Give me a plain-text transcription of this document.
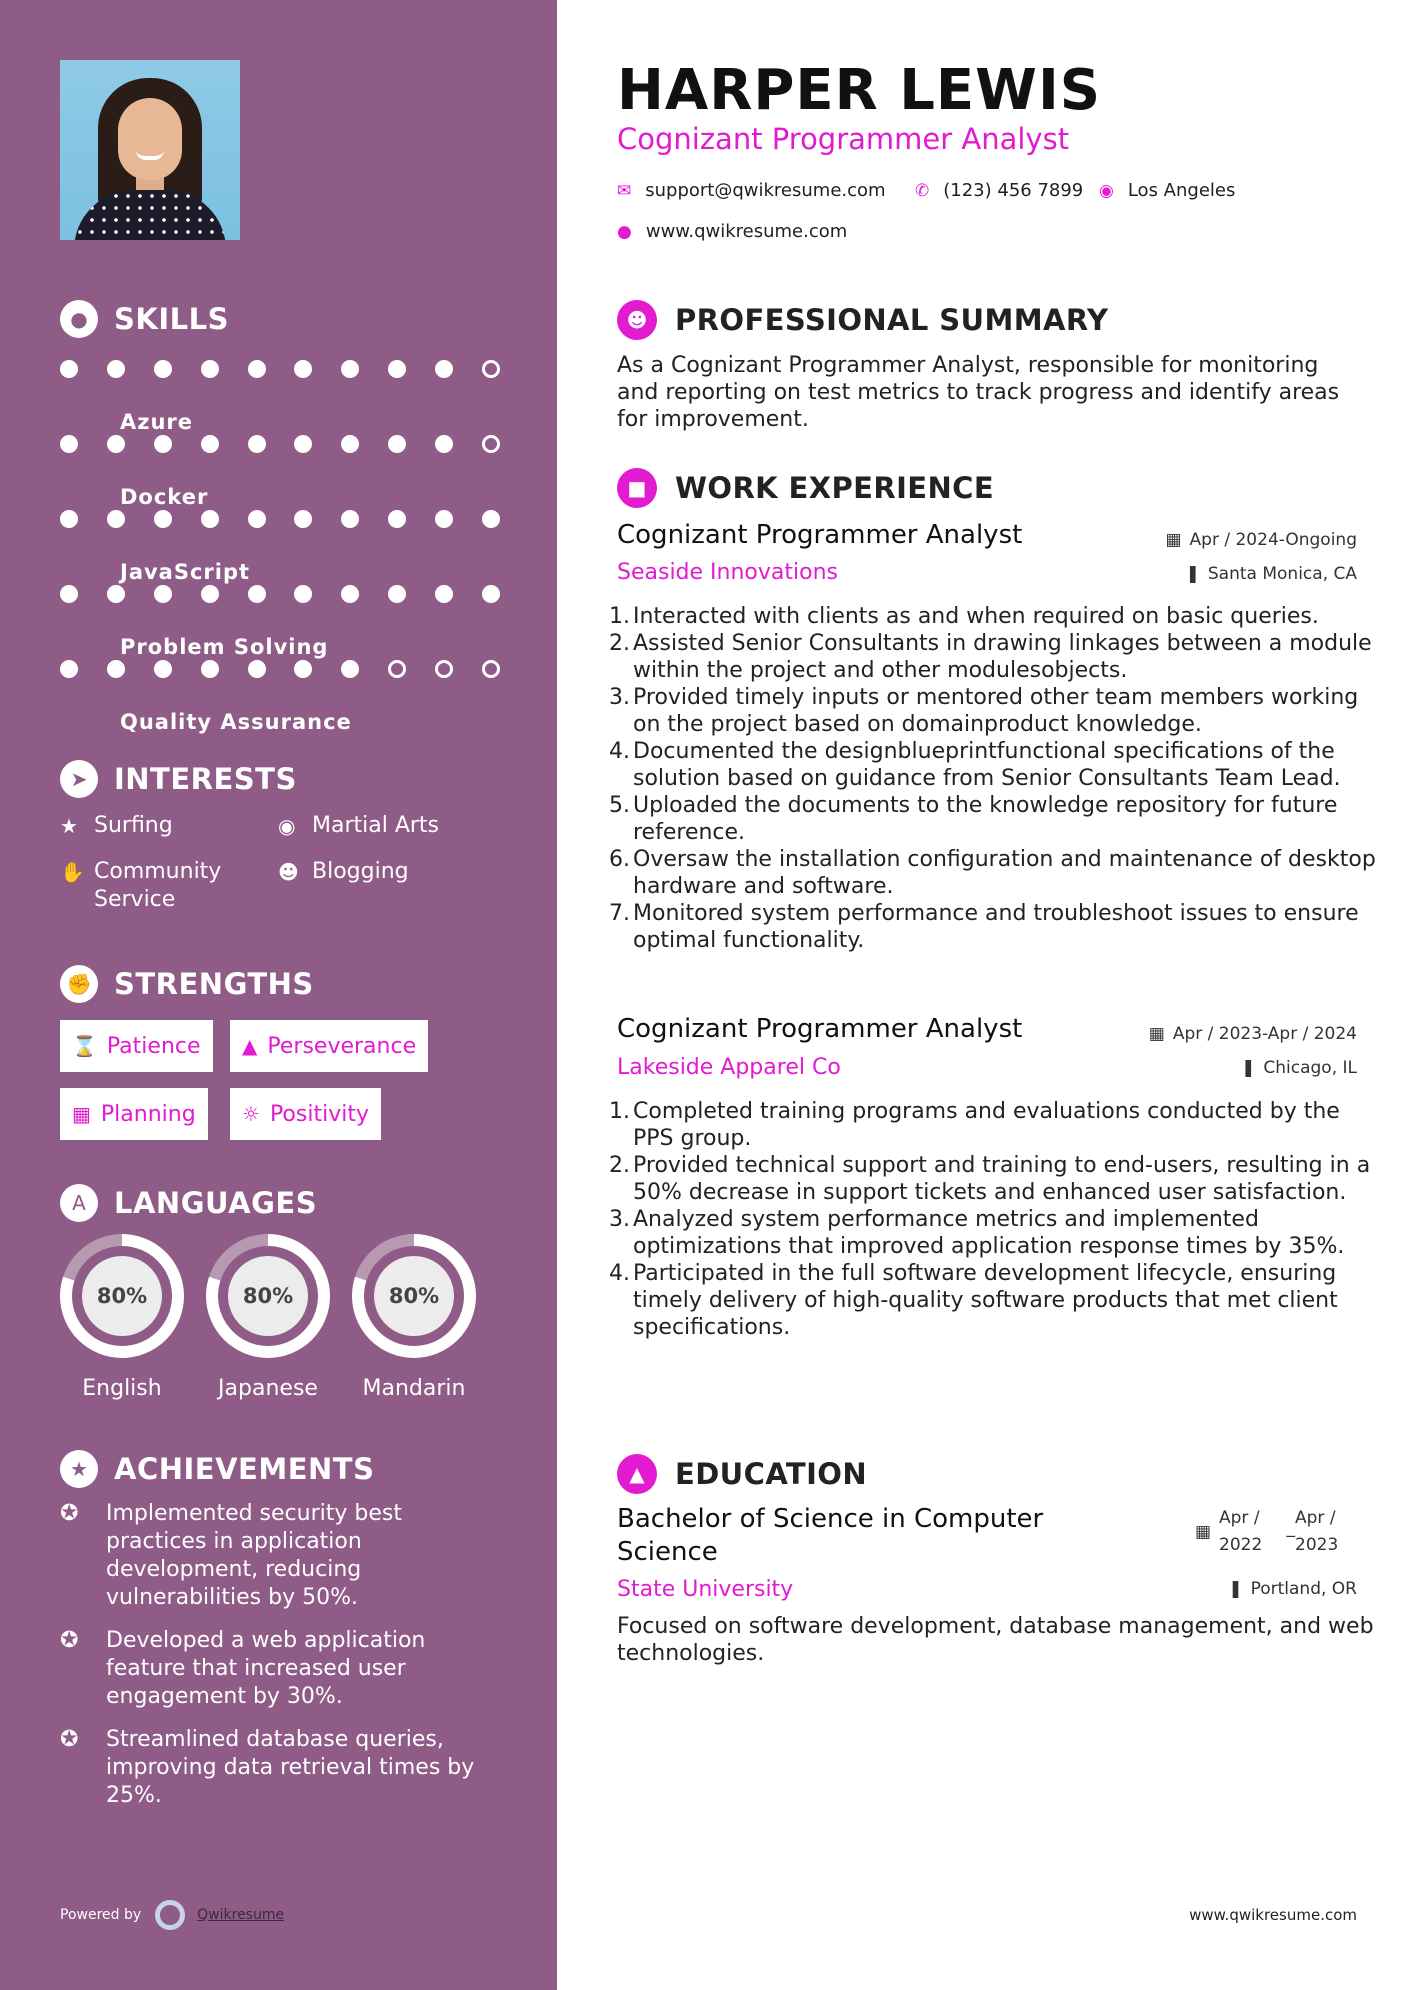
● SKILLS
Azure
Docker
JavaScript
Problem Solving
Quality Assurance
➤ INTERESTS
★ Surfing	◉ Martial Arts
✋ Community Service
☻ Blogging
✊ STRENGTHS
⌛ Patience ▲ Perseverance
▦ Planning ☼ Positivity
A LANGUAGES
80%
English
80%
Japanese
80%
Mandarin
★ ACHIEVEMENTS
✪	Implemented security best practices in application development, reducing vulnerabilities by 50%.
✪	Developed a web application feature that increased user engagement by 30%.
✪	Streamlined database queries, improving data retrieval times by 25%.
Powered by	Qwikresume
HARPER LEWIS
Cognizant Programmer Analyst
✉ support@qwikresume.com ✆ (123) 456 7899 ◉ Los Angeles
● www.qwikresume.com
☻ PROFESSIONAL SUMMARY
As a Cognizant Programmer Analyst, responsible for monitoring and reporting on test metrics to track progress and identify areas for improvement.
■ WORK EXPERIENCE
Cognizant Programmer Analyst	▦ Apr / 2024-Ongoing
Seaside Innovations	❚ Santa Monica, CA
1. Interacted with clients as and when required on basic queries.
2. Assisted Senior Consultants in drawing linkages between a module within the project and other modulesobjects.
3. Provided timely inputs or mentored other team members working on the project based on domainproduct knowledge.
4. Documented the designblueprintfunctional specifications of the solution based on guidance from Senior Consultants Team Lead.
5. Uploaded the documents to the knowledge repository for future reference.
6. Oversaw the installation configuration and maintenance of desktop hardware and software.
7. Monitored system performance and troubleshoot issues to ensure optimal functionality.
Cognizant Programmer Analyst	▦ Apr / 2023-Apr / 2024
Lakeside Apparel Co	❚ Chicago, IL
1. Completed training programs and evaluations conducted by the PPS group.
2. Provided technical support and training to end-users, resulting in a 50% decrease in support tickets and enhanced user satisfaction.
3. Analyzed system performance metrics and implemented optimizations that improved application response times by 35%.
4. Participated in the full software development lifecycle, ensuring timely delivery of high-quality software products that met client specifications.
▲	EDUCATION
Bachelor of Science in Computer Science
▦
Apr / 2022
_ Apr / 2023
State University	❚ Portland, OR
Focused on software development, database management, and web technologies.
www.qwikresume.com
